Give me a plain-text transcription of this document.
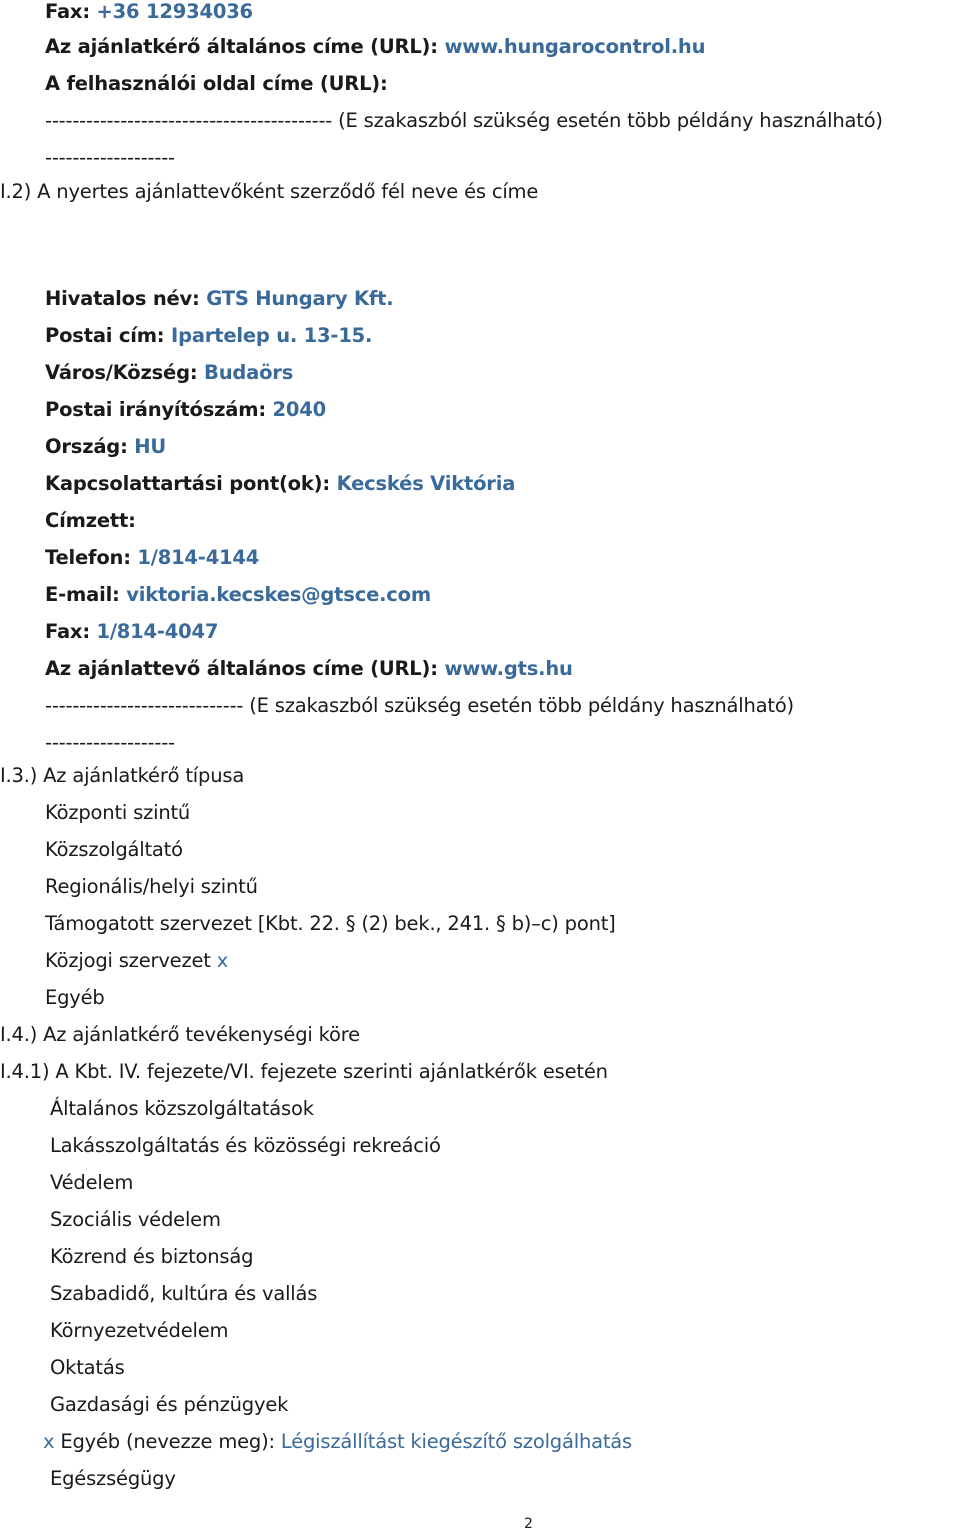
Fax: +36 12934036
Az ajánlatkérő általános címe (URL): www.hungarocontrol.hu
A felhasználói oldal címe (URL):
------------------------------------------ (E szakaszból szükség esetén több példány használható)
-------------------
I.2) A nyertes ajánlattevőként szerződő fél neve és címe
Hivatalos név: GTS Hungary Kft.
Postai cím: Ipartelep u. 13-15.
Város/Község: Budaörs
Postai irányítószám: 2040
Ország: HU
Kapcsolattartási pont(ok): Kecskés Viktória
Címzett:
Telefon: 1/814-4144
E-mail: viktoria.kecskes@gtsce.com
Fax: 1/814-4047
Az ajánlattevő általános címe (URL): www.gts.hu
----------------------------- (E szakaszból szükség esetén több példány használható)
-------------------
I.3.) Az ajánlatkérő típusa
Központi szintű
Közszolgáltató
Regionális/helyi szintű
Támogatott szervezet [Kbt. 22. § (2) bek., 241. § b)–c) pont]
Közjogi szervezet x
Egyéb
I.4.) Az ajánlatkérő tevékenységi köre
I.4.1) A Kbt. IV. fejezete/VI. fejezete szerinti ajánlatkérők esetén
Általános közszolgáltatások
Lakásszolgáltatás és közösségi rekreáció
Védelem
Szociális védelem
Közrend és biztonság
Szabadidő, kultúra és vallás
Környezetvédelem
Oktatás
Gazdasági és pénzügyek
x Egyéb (nevezze meg): Légiszállítást kiegészítő szolgálhatás
Egészségügy
2
